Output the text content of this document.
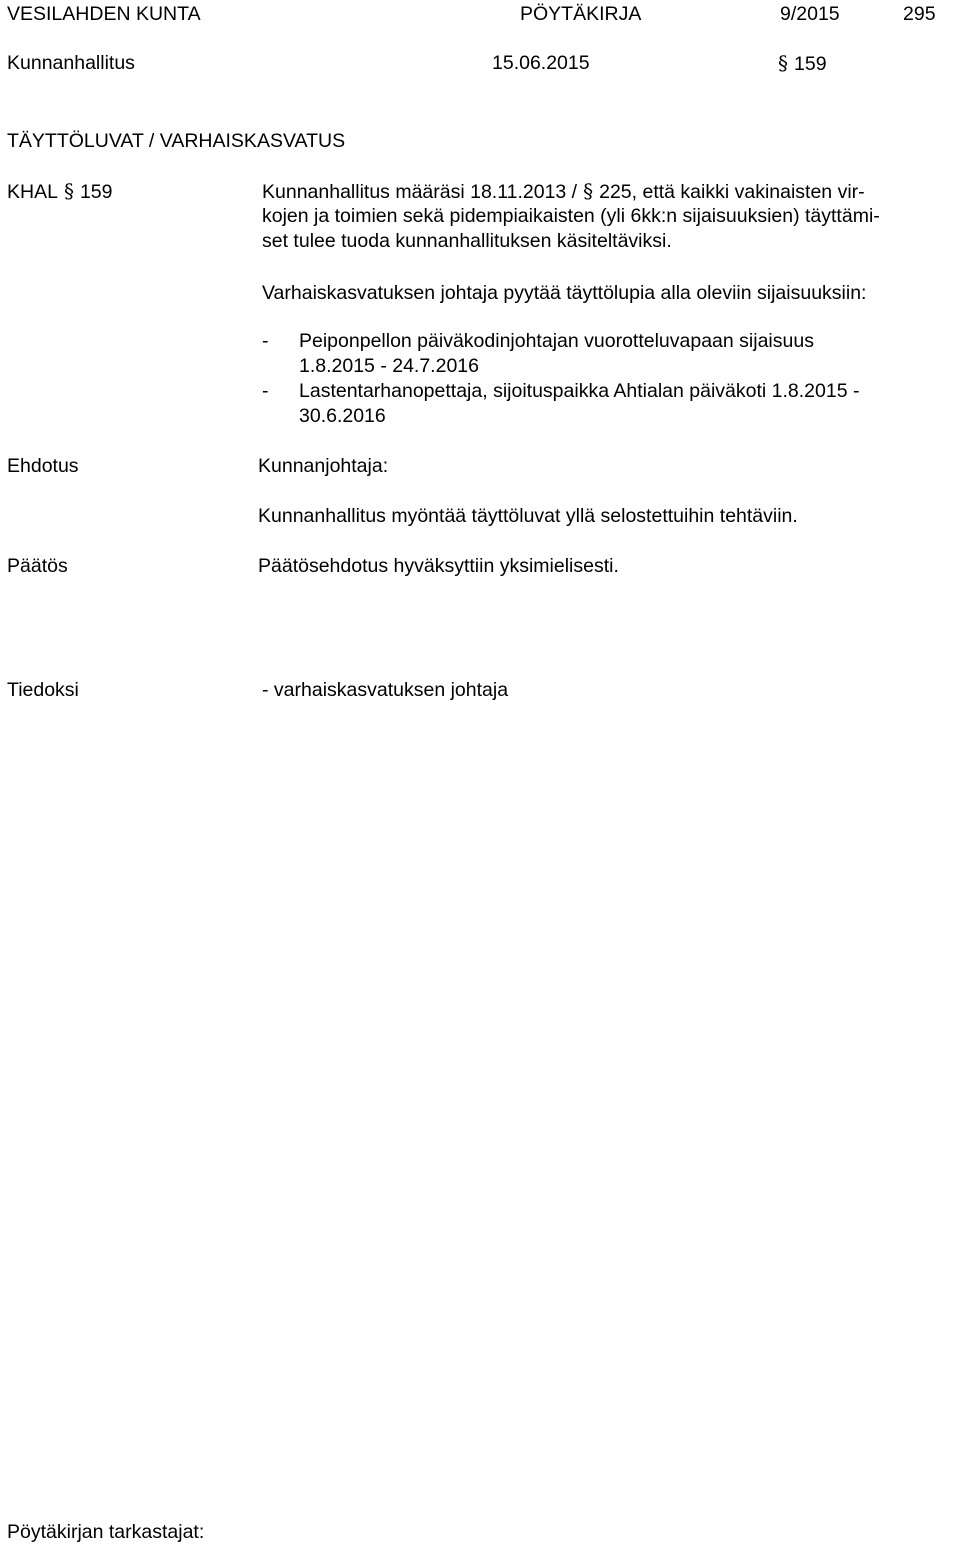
VESILAHDEN KUNTA	PÖYTÄKIRJA	9/2015	295
Kunnanhallitus	15.06.2015	§ 159
TÄYTTÖLUVAT / VARHAISKASVATUS
KHAL § 159	Kunnanhallitus määräsi 18.11.2013 / § 225, että kaikki vakinaisten vir-
kojen ja toimien sekä pidempiaikaisten (yli 6kk:n sijaisuuksien) täyttämi-
set tulee tuoda kunnanhallituksen käsiteltäviksi.
Varhaiskasvatuksen johtaja pyytää täyttölupia alla oleviin sijaisuuksiin:
- Peiponpellon päiväkodinjohtajan vuorotteluvapaan sijaisuus
1.8.2015 - 24.7.2016
- Lastentarhanopettaja, sijoituspaikka Ahtialan päiväkoti 1.8.2015 -
30.6.2016
Ehdotus	Kunnanjohtaja:
Kunnanhallitus myöntää täyttöluvat yllä selostettuihin tehtäviin.
Päätös	Päätösehdotus hyväksyttiin yksimielisesti.
Tiedoksi	- varhaiskasvatuksen johtaja
Pöytäkirjan tarkastajat:
